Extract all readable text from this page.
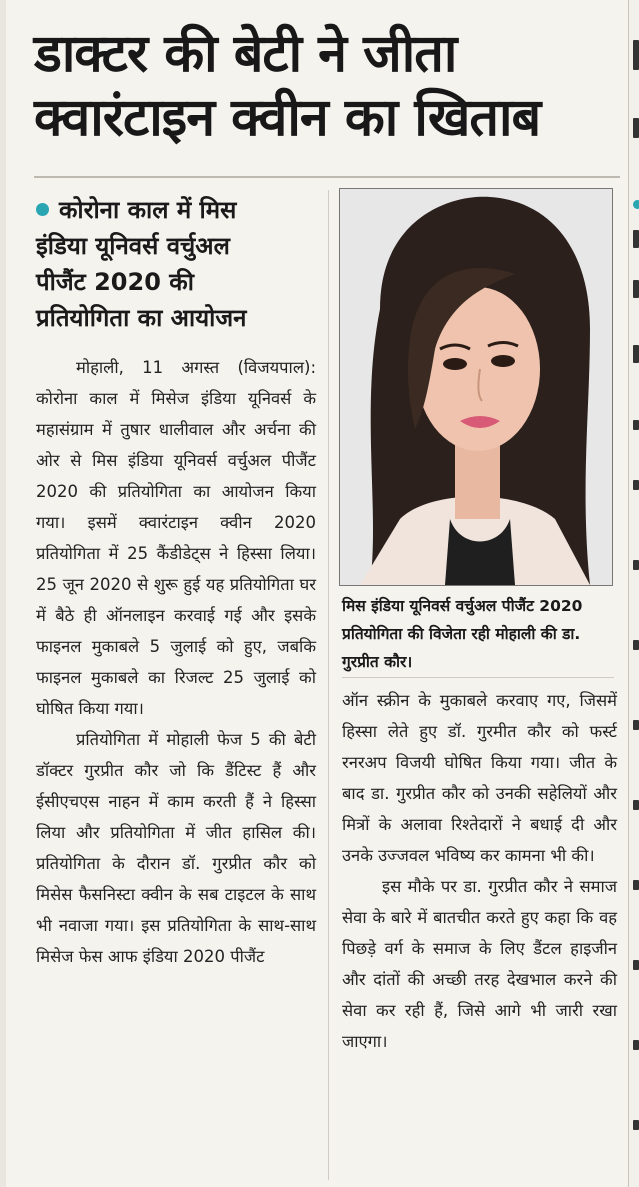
डाक्टर की बेटी ने जीता
क्वारंटाइन क्वीन का खिताब
कोरोना काल में मिस
इंडिया यूनिवर्स वर्चुअल
पीजैंट 2020 की
प्रतियोगिता का आयोजन

मोहाली, 11 अगस्त (विजयपाल): कोरोना काल में मिसेज इंडिया यूनिवर्स के महासंग्राम में तुषार धालीवाल और अर्चना की ओर से मिस इंडिया यूनिवर्स वर्चुअल पीजैंट 2020 की प्रतियोगिता का आयोजन किया गया। इसमें क्वारंटाइन क्वीन 2020 प्रतियोगिता में 25 कैंडीडेट्स ने हिस्सा लिया। 25 जून 2020 से शुरू हुई यह प्रतियोगिता घर में बैठे ही ऑनलाइन करवाई गई और इसके फाइनल मुकाबले 5 जुलाई को हुए, जबकि फाइनल मुकाबले का रिजल्ट 25 जुलाई को घोषित किया गया।

प्रतियोगिता में मोहाली फेज 5 की बेटी डॉक्टर गुरप्रीत कौर जो कि डैंटिस्ट हैं और ईसीएचएस नाहन में काम करती हैं ने हिस्सा लिया और प्रतियोगिता में जीत हासिल की। प्रतियोगिता के दौरान डॉ. गुरप्रीत कौर को मिसेस फैसनिस्टा क्वीन के सब टाइटल के साथ भी नवाजा गया। इस प्रतियोगिता के साथ-साथ मिसेज फेस आफ इंडिया 2020 पीजैंट

मिस इंडिया यूनिवर्स वर्चुअल पीजैंट 2020 प्रतियोगिता की विजेता रही मोहाली की डा. गुरप्रीत कौर।

ऑन स्क्रीन के मुकाबले करवाए गए, जिसमें हिस्सा लेते हुए डॉ. गुरमीत कौर को फर्स्ट रनरअप विजयी घोषित किया गया। जीत के बाद डा. गुरप्रीत कौर को उनकी सहेलियों और मित्रों के अलावा रिश्तेदारों ने बधाई दी और उनके उज्जवल भविष्य कर कामना भी की।

इस मौके पर डा. गुरप्रीत कौर ने समाज सेवा के बारे में बातचीत करते हुए कहा कि वह पिछड़े वर्ग के समाज के लिए डैंटल हाइजीन और दांतों की अच्छी तरह देखभाल करने की सेवा कर रही हैं, जिसे आगे भी जारी रखा जाएगा।
